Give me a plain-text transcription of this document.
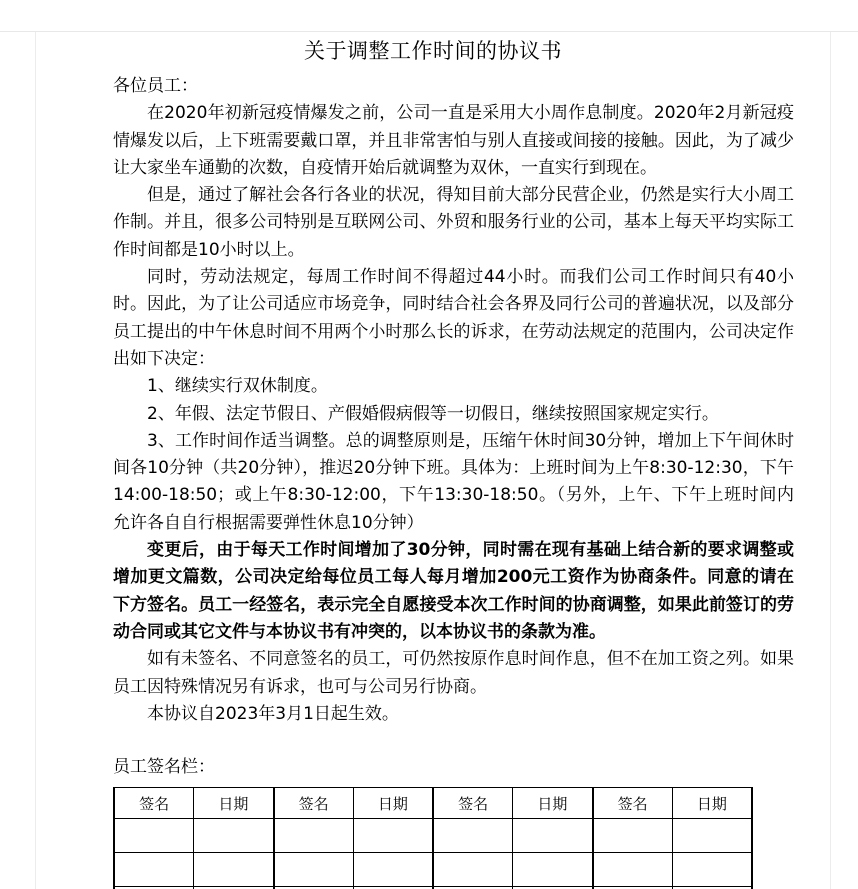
关于调整工作时间的协议书

各位员工：

在2020年初新冠疫情爆发之前，公司一直是采用大小周作息制度。2020年2月新冠疫情爆发以后，上下班需要戴口罩，并且非常害怕与别人直接或间接的接触。因此，为了减少让大家坐车通勤的次数，自疫情开始后就调整为双休，一直实行到现在。

但是，通过了解社会各行各业的状况，得知目前大部分民营企业，仍然是实行大小周工作制。并且，很多公司特别是互联网公司、外贸和服务行业的公司，基本上每天平均实际工作时间都是10小时以上。

同时，劳动法规定，每周工作时间不得超过44小时。而我们公司工作时间只有40小时。因此，为了让公司适应市场竞争，同时结合社会各界及同行公司的普遍状况，以及部分员工提出的中午休息时间不用两个小时那么长的诉求，在劳动法规定的范围内，公司决定作出如下决定：

1、继续实行双休制度。

2、年假、法定节假日、产假婚假病假等一切假日，继续按照国家规定实行。

3、工作时间作适当调整。总的调整原则是，压缩午休时间30分钟，增加上下午间休时间各10分钟（共20分钟），推迟20分钟下班。具体为：上班时间为上午8:30-12:30，下午14:00-18:50；或上午8:30-12:00，下午13:30-18:50。（另外，上午、下午上班时间内允许各自自行根据需要弹性休息10分钟）

变更后，由于每天工作时间增加了30分钟，同时需在现有基础上结合新的要求调整或增加更文篇数，公司决定给每位员工每人每月增加200元工资作为协商条件。同意的请在下方签名。员工一经签名，表示完全自愿接受本次工作时间的协商调整，如果此前签订的劳动合同或其它文件与本协议书有冲突的，以本协议书的条款为准。

如有未签名、不同意签名的员工，可仍然按原作息时间作息，但不在加工资之列。如果员工因特殊情况另有诉求，也可与公司另行协商。

本协议自2023年3月1日起生效。

员工签名栏：

签名	日期	签名	日期	签名	日期	签名	日期
